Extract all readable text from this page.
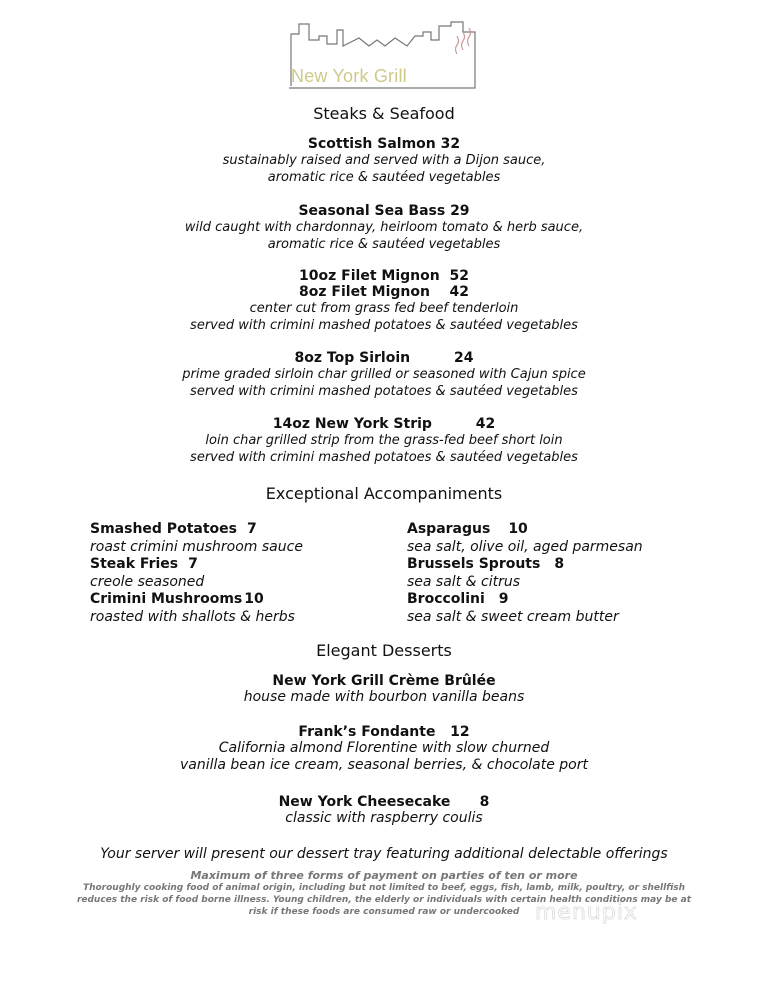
New York Grill
Steaks & Seafood
Scottish Salmon 32
sustainably raised and served with a Dijon sauce,
aromatic rice & sautéed vegetables
Seasonal Sea Bass 29
wild caught with chardonnay, heirloom tomato & herb sauce,
aromatic rice & sautéed vegetables
10oz Filet Mignon 52
8oz Filet Mignon 42
center cut from grass fed beef tenderloin
served with crimini mashed potatoes & sautéed vegetables
8oz Top Sirloin	24
prime graded sirloin char grilled or seasoned with Cajun spice
served with crimini mashed potatoes & sautéed vegetables
14oz New York Strip	42
loin char grilled strip from the grass-fed beef short loin
served with crimini mashed potatoes & sautéed vegetables
Exceptional Accompaniments
Smashed Potatoes 7
roast crimini mushroom sauce
Steak Fries 7
creole seasoned
Crimini Mushrooms 10
roasted with shallots & herbs
Asparagus 10
sea salt, olive oil, aged parmesan
Brussels Sprouts 8
sea salt & citrus
Broccolini 9
sea salt & sweet cream butter
Elegant Desserts
New York Grill Crème Brûlée
house made with bourbon vanilla beans
Frank’s Fondante 12
California almond Florentine with slow churned
vanilla bean ice cream, seasonal berries, & chocolate port
New York Cheesecake 8
classic with raspberry coulis
Your server will present our dessert tray featuring additional delectable offerings
Maximum of three forms of payment on parties of ten or more
Thoroughly cooking food of animal origin, including but not limited to beef, eggs, fish, lamb, milk, poultry, or shellfish
reduces the risk of food borne illness. Young children, the elderly or individuals with certain health conditions may be at
risk if these foods are consumed raw or undercooked menupix
